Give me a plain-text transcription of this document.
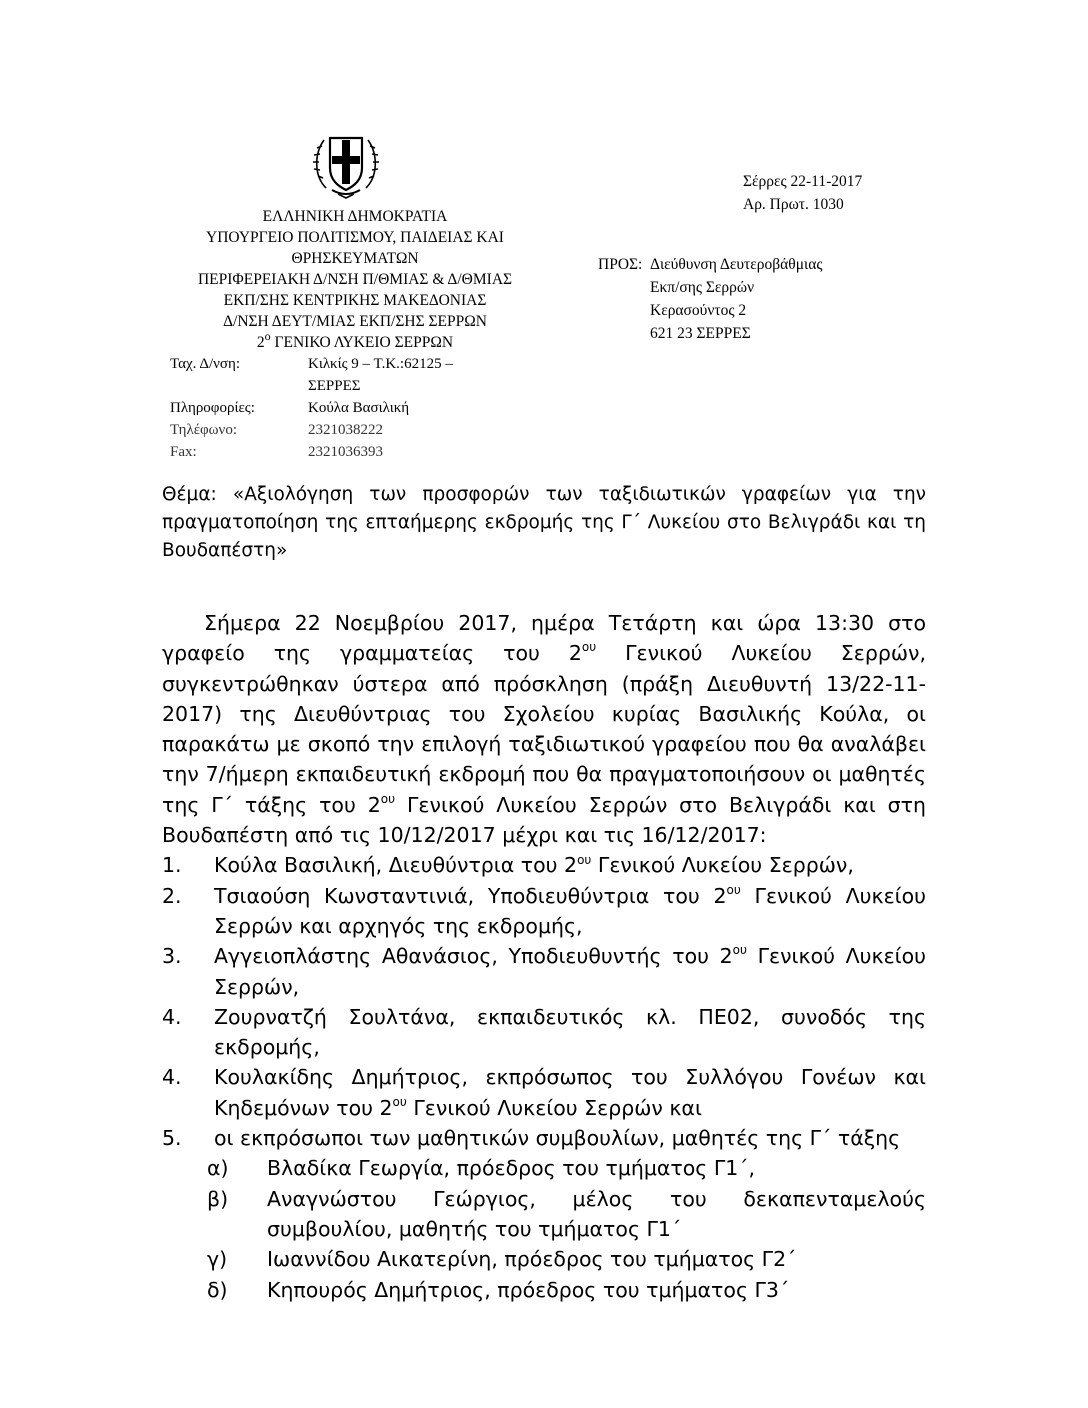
ΕΛΛΗΝΙΚΗ ΔΗΜΟΚΡΑΤΙΑ
ΥΠΟΥΡΓΕΙΟ ΠΟΛΙΤΙΣΜΟΥ, ΠΑΙΔΕΙΑΣ ΚΑΙ
ΘΡΗΣΚΕΥΜΑΤΩΝ
ΠΕΡΙΦΕΡΕΙΑΚΗ Δ/ΝΣΗ Π/ΘΜΙΑΣ & Δ/ΘΜΙΑΣ
ΕΚΠ/ΣΗΣ ΚΕΝΤΡΙΚΗΣ ΜΑΚΕΔΟΝΙΑΣ
Δ/ΝΣΗ ΔΕΥΤ/ΜΙΑΣ ΕΚΠ/ΣΗΣ ΣΕΡΡΩΝ
$2^o$ ΓΕΝΙΚΟ ΛΥΚΕΙΟ ΣΕΡΡΩΝ
Ταχ. Δ/νση:	Κιλκίς 9 – Τ.Κ.:62125 – ΣΕΡΡΕΣ
Πληροφορίες:	Κούλα Βασιλική
Τηλέφωνο:	2321038222
Fax:	2321036393
Σέρρες 22-11-2017
Αρ. Πρωτ. 1030
ΠΡΟΣ: Διεύθυνση Δευτεροβάθμιας
Εκπ/σης Σερρών
Κερασούντος 2
621 23 ΣΕΡΡΕΣ
Θέμα: «Αξιολόγηση των προσφορών των ταξιδιωτικών γραφείων για την πραγματοποίηση της επταήμερης εκδρομής της Γ΄ Λυκείου στο Βελιγράδι και τη Βουδαπέστη»

Σήμερα 22 Νοεμβρίου 2017, ημέρα Τετάρτη και ώρα 13:30 στο γραφείο της γραμματείας του $2^{o\upsilon}$ Γενικού Λυκείου Σερρών, συγκεντρώθηκαν ύστερα από πρόσκληση (πράξη Διευθυντή 13/22-11-2017) της Διευθύντριας του Σχολείου κυρίας Βασιλικής Κούλα, οι παρακάτω με σκοπό την επιλογή ταξιδιωτικού γραφείου που θα αναλάβει την 7/ήμερη εκπαιδευτική εκδρομή που θα πραγματοποιήσουν οι μαθητές της Γ΄ τάξης του $2^{o\upsilon}$ Γενικού Λυκείου Σερρών στο Βελιγράδι και στη Βουδαπέστη από τις 10/12/2017 μέχρι και τις 16/12/2017:

1.	Κούλα Βασιλική, Διευθύντρια του $2^{o\upsilon}$ Γενικού Λυκείου Σερρών,
2.	Τσιαούση Κωνσταντινιά, Υποδιευθύντρια του $2^{o\upsilon}$ Γενικού Λυκείου Σερρών και αρχηγός της εκδρομής,
3.	Αγγειοπλάστης Αθανάσιος, Υποδιευθυντής του $2^{o\upsilon}$ Γενικού Λυκείου Σερρών,
4.	Ζουρνατζή Σουλτάνα, εκπαιδευτικός κλ. ΠΕ02, συνοδός της εκδρομής,
4.	Κουλακίδης Δημήτριος, εκπρόσωπος του Συλλόγου Γονέων και Κηδεμόνων του $2^{o\upsilon}$ Γενικού Λυκείου Σερρών και
5.	οι εκπρόσωποι των μαθητικών συμβουλίων, μαθητές της Γ΄ τάξης
α)	Βλαδίκα Γεωργία, πρόεδρος του τμήματος Γ1΄,
β)	Αναγνώστου Γεώργιος, μέλος του δεκαπενταμελούς συμβουλίου, μαθητής του τμήματος Γ1΄
γ)	Ιωαννίδου Αικατερίνη, πρόεδρος του τμήματος Γ2΄
δ)	Κηπουρός Δημήτριος, πρόεδρος του τμήματος Γ3΄
